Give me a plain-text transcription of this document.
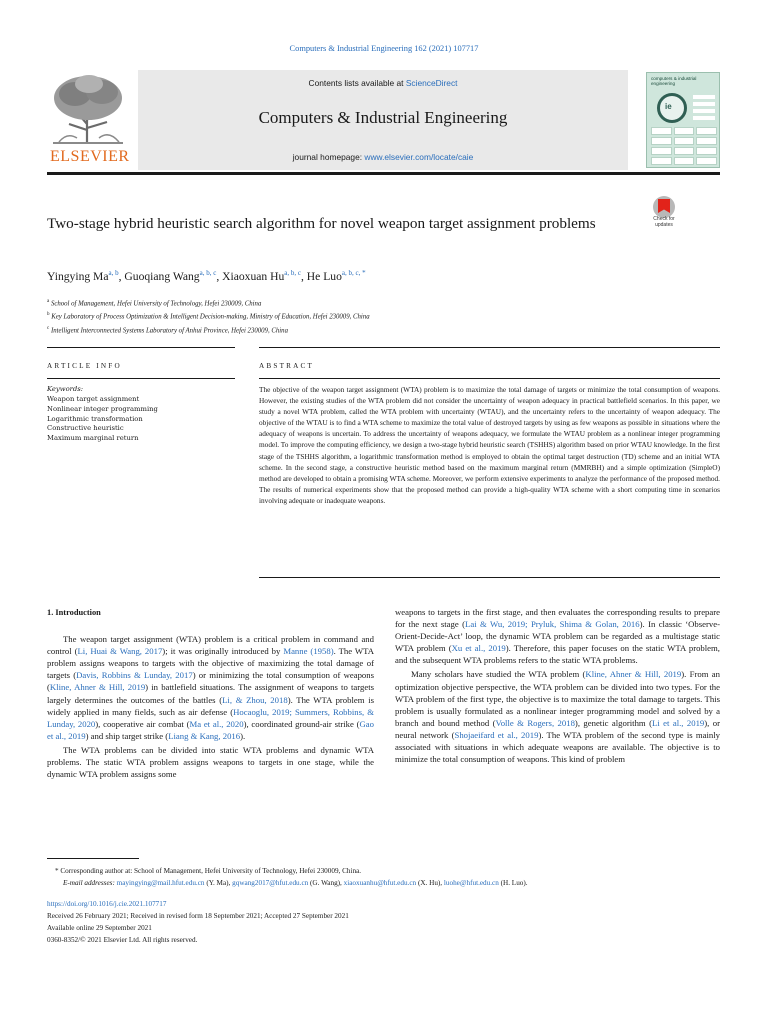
Computers & Industrial Engineering 162 (2021) 107717
ELSEVIER
Contents lists available at ScienceDirect
Computers & Industrial Engineering
journal homepage: www.elsevier.com/locate/caie
computers & industrial engineering
ie
Two-stage hybrid heuristic search algorithm for novel weapon target assignment problems	Check for
updates
Yingying Ma$^{a, b}$, Guoqiang Wang$^{a, b, c}$, Xiaoxuan Hu$^{a, b, c}$, He Luo$^{a, b, c, *}$
$^a$ School of Management, Hefei University of Technology, Hefei 230009, China
$^b$ Key Laboratory of Process Optimization & Intelligent Decision-making, Ministry of Education, Hefei 230009, China
$^c$ Intelligent Interconnected Systems Laboratory of Anhui Province, Hefei 230009, China
ARTICLE INFO	ABSTRACT
Keywords:
Weapon target assignment
Nonlinear integer programming
Logarithmic transformation
Constructive heuristic
Maximum marginal return
The objective of the weapon target assignment (WTA) problem is to maximize the total damage of targets or minimize the total consumption of weapons. However, the existing studies of the WTA problem did not consider the uncertainty of weapon adequacy in practical battlefield scenarios. In this paper, we study a novel WTA problem, called the WTA problem with uncertainty (WTAU), and the uncertainty refers to the uncertainty of weapon adequacy. The objective of the WTAU is to find a WTA scheme to maximize the total value of destroyed targets by using as few weapons as possible in situations where the adequacy of weapons is uncertain. To address the uncertainty of weapons adequacy, we formulate the WTAU problem as a nonlinear integer programming model. To improve the computing efficiency, we design a two-stage hybrid heuristic search (TSHHS) algorithm based on prior WTAU knowledge. In the first stage of the TSHHS algorithm, a logarithmic transformation method is employed to obtain the optimal target destruction (TD) scheme and an initial WTA scheme. In the second stage, a constructive heuristic method based on the maximum marginal return (MMRBH) and a simple optimization (SimpleO) method are developed to obtain a promising WTA scheme. Moreover, we perform extensive experiments to analyze the performance of the proposed method. The results of numerical experiments show that the proposed method can provide a high-quality WTA scheme with a short computing time in scenarios involving adequate or inadequate weapons.
1. Introduction

The weapon target assignment (WTA) problem is a critical problem in command and control (Li, Huai & Wang, 2017); it was originally introduced by Manne (1958). The WTA problem assigns weapons to targets with the objective of maximizing the total damage of targets (Davis, Robbins & Lunday, 2017) or minimizing the total consumption of weapons (Kline, Ahner & Hill, 2019) in battlefield situations. The assignment of weapons to targets largely determines the outcomes of the battles (Li, & Zhou, 2018). The WTA problem is widely applied in many fields, such as air defense (Hocaoglu, 2019; Summers, Robbins, & Lunday, 2020), cooperative air combat (Ma et al., 2020), coordinated ground-air strike (Gao et al., 2019) and ship target strike (Liang & Kang, 2016).

The WTA problems can be divided into static WTA problems and dynamic WTA problems. The static WTA problem assigns weapons to targets in one stage, while the dynamic WTA problem assigns some

weapons to targets in the first stage, and then evaluates the corresponding results to prepare for the next stage (Lai & Wu, 2019; Pryluk, Shima & Golan, 2016). In classic ‘Observe-Orient-Decide-Act’ loop, the dynamic WTA problem can be regarded as a multistage static WTA problem (Xu et al., 2019). Therefore, this paper focuses on the static WTA problem, and the subsequent WTA problems refers to the static WTA problems.

Many scholars have studied the WTA problem (Kline, Ahner & Hill, 2019). From an optimization objective perspective, the WTA problem can be divided into two types. For the WTA problem of the first type, the objective is to maximize the total damage to targets. This problem is usually formulated as a nonlinear integer programming model and solved by a branch and bound method (Volle & Rogers, 2018), genetic algorithm (Li et al., 2019), or neural network (Shojaeifard et al., 2019). The WTA problem of the second type is mainly associated with situations in which adequate weapons are available. The objective is to minimize the total consumption of weapons. This kind of problem

* Corresponding author at: School of Management, Hefei University of Technology, Hefei 230009, China.
E-mail addresses: mayingying@mail.hfut.edu.cn (Y. Ma), gqwang2017@hfut.edu.cn (G. Wang), xiaoxuanhu@hfut.edu.cn (X. Hu), luohe@hfut.edu.cn (H. Luo).
https://doi.org/10.1016/j.cie.2021.107717
Received 26 February 2021; Received in revised form 18 September 2021; Accepted 27 September 2021
Available online 29 September 2021
0360-8352/© 2021 Elsevier Ltd. All rights reserved.
